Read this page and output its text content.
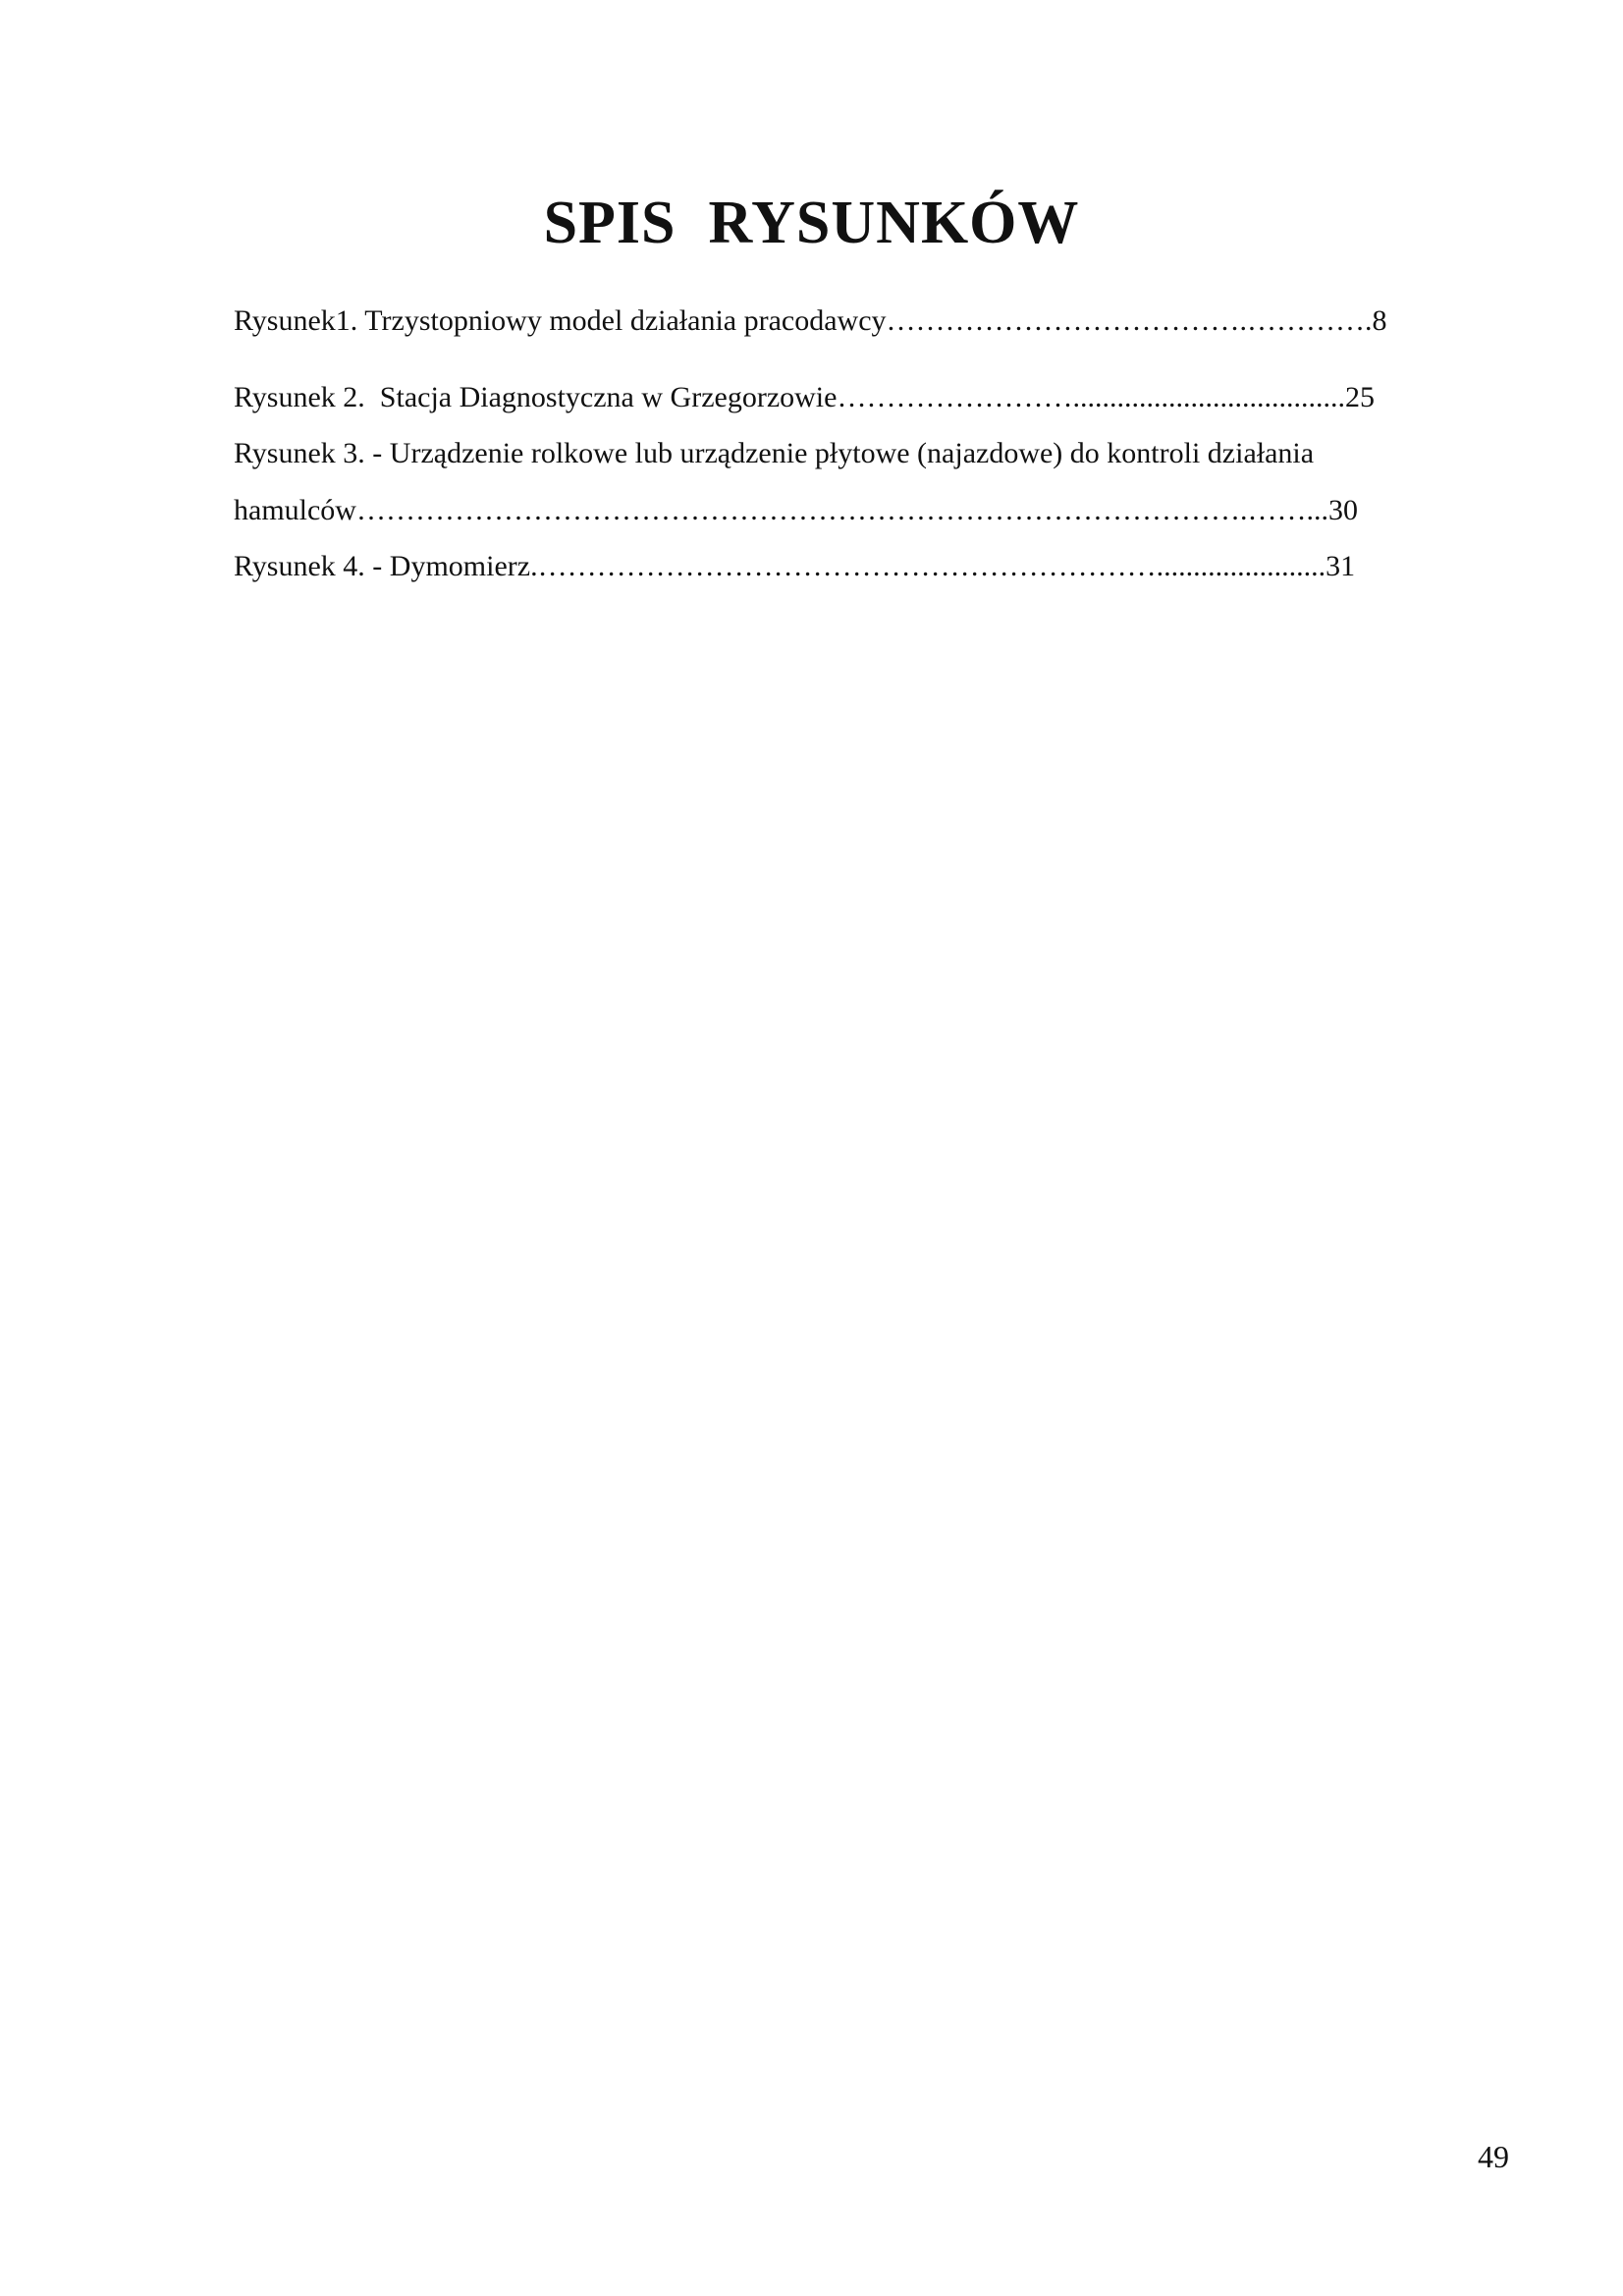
SPIS  RYSUNKÓW

Rysunek1. Trzystopniowy model działania pracodawcy……………………………….………….8

Rysunek 2.  Stacja Diagnostyczna w Grzegorzowie…………………….....................................25

Rysunek 3. - Urządzenie rolkowe lub urządzenie płytowe (najazdowe) do kontroli działania

hamulców……………………………………………………………………………….……...30

Rysunek 4. - Dymomierz.……………………………………………………….......................31

49
